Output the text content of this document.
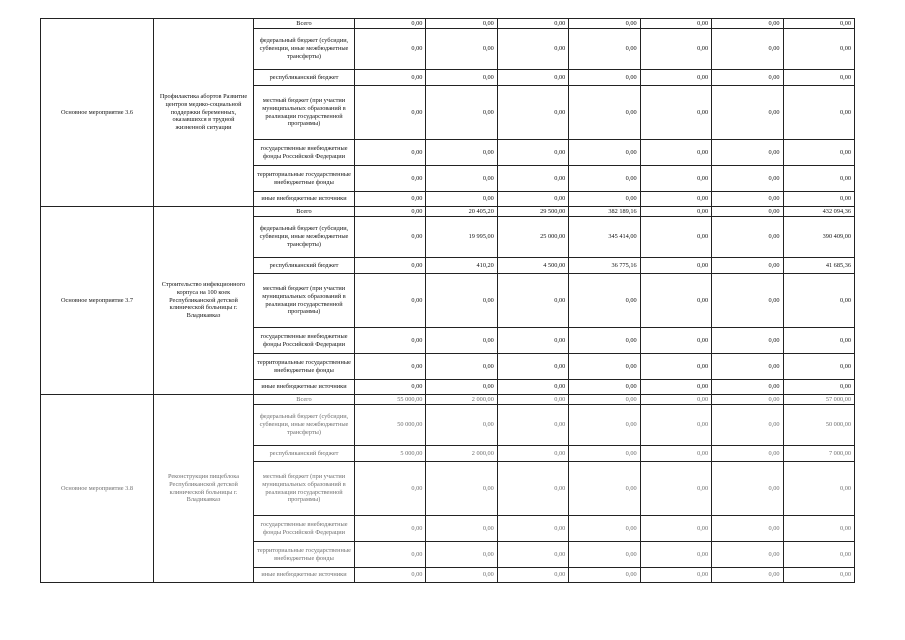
Основное мероприятие 3.6	Профилактика абортов Развитие центров медико-социальной поддержки беременных, оказавшихся в трудной жизненной ситуации	Всего	0,00	0,00	0,00	0,00	0,00	0,00	0,00
		федеральный бюджет (субсидии, субвенции, иные межбюджетные трансферты)	0,00	0,00	0,00	0,00	0,00	0,00	0,00
		республиканский бюджет	0,00	0,00	0,00	0,00	0,00	0,00	0,00
		местный бюджет (при участии муниципальных образований в реализации государственной программы)	0,00	0,00	0,00	0,00	0,00	0,00	0,00
		государственные внебюджетные фонды Российской Федерации	0,00	0,00	0,00	0,00	0,00	0,00	0,00
		территориальные государственные внебюджетные фонды	0,00	0,00	0,00	0,00	0,00	0,00	0,00
		иные внебюджетные источники	0,00	0,00	0,00	0,00	0,00	0,00	0,00
Основное мероприятие 3.7	Строительство инфекционного корпуса на 100 коек Республиканской детской клинической больницы г. Владикавказ	Всего	0,00	20 405,20	29 500,00	382 189,16	0,00	0,00	432 094,36
		федеральный бюджет (субсидии, субвенции, иные межбюджетные трансферты)	0,00	19 995,00	25 000,00	345 414,00	0,00	0,00	390 409,00
		республиканский бюджет	0,00	410,20	4 500,00	36 775,16	0,00	0,00	41 685,36
		местный бюджет (при участии муниципальных образований в реализации государственной программы)	0,00	0,00	0,00	0,00	0,00	0,00	0,00
		государственные внебюджетные фонды Российской Федерации	0,00	0,00	0,00	0,00	0,00	0,00	0,00
		территориальные государственные внебюджетные фонды	0,00	0,00	0,00	0,00	0,00	0,00	0,00
		иные внебюджетные источники	0,00	0,00	0,00	0,00	0,00	0,00	0,00
Основное мероприятие 3.8	Реконструкция пищеблока Республиканской детской клинической больницы г. Владикавказ	Всего	55 000,00	2 000,00	0,00	0,00	0,00	0,00	57 000,00
		федеральный бюджет (субсидии, субвенции, иные межбюджетные трансферты)	50 000,00	0,00	0,00	0,00	0,00	0,00	50 000,00
		республиканский бюджет	5 000,00	2 000,00	0,00	0,00	0,00	0,00	7 000,00
		местный бюджет (при участии муниципальных образований в реализации государственной программы)	0,00	0,00	0,00	0,00	0,00	0,00	0,00
		государственные внебюджетные фонды Российской Федерации	0,00	0,00	0,00	0,00	0,00	0,00	0,00
		территориальные государственные внебюджетные фонды	0,00	0,00	0,00	0,00	0,00	0,00	0,00
		иные внебюджетные источники	0,00	0,00	0,00	0,00	0,00	0,00	0,00
